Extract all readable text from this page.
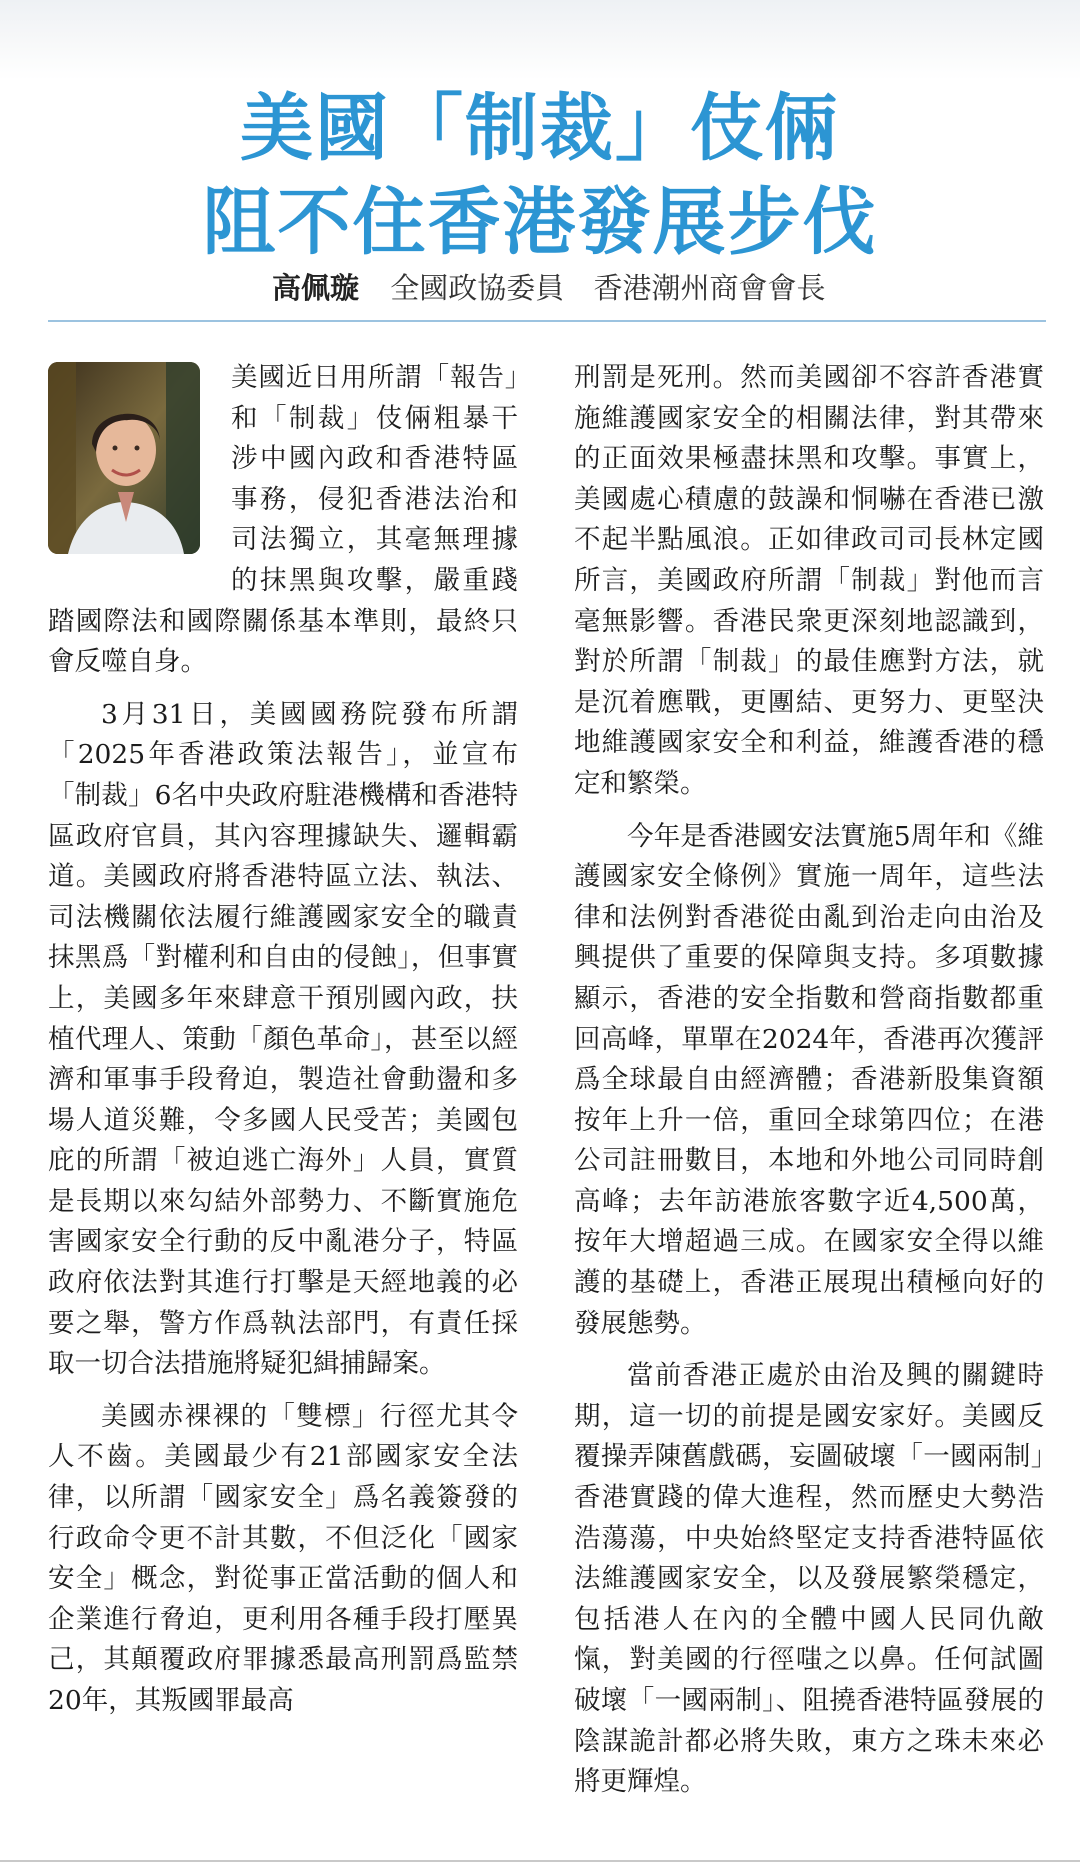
美國「制裁」伎倆
阻不住香港發展步伐
高佩璇 全國政協委員 香港潮州商會會長

美國近日用所謂「報告」和「制裁」伎倆粗暴干涉中國內政和香港特區事務，侵犯香港法治和司法獨立，其毫無理據的抹黑與攻擊，嚴重踐踏國際法和國際關係基本準則，最終只會反噬自身。

3月31日，美國國務院發布所謂「2025年香港政策法報告」，並宣布「制裁」6名中央政府駐港機構和香港特區政府官員，其內容理據缺失、邏輯霸道。美國政府將香港特區立法、執法、司法機關依法履行維護國家安全的職責抹黑爲「對權利和自由的侵蝕」，但事實上，美國多年來肆意干預別國內政，扶植代理人、策動「顏色革命」，甚至以經濟和軍事手段脅迫，製造社會動盪和多場人道災難，令多國人民受苦；美國包庇的所謂「被迫逃亡海外」人員，實質是長期以來勾結外部勢力、不斷實施危害國家安全行動的反中亂港分子，特區政府依法對其進行打擊是天經地義的必要之舉，警方作爲執法部門，有責任採取一切合法措施將疑犯緝捕歸案。

美國赤裸裸的「雙標」行徑尤其令人不齒。美國最少有21部國家安全法律，以所謂「國家安全」爲名義簽發的行政命令更不計其數，不但泛化「國家安全」概念，對從事正當活動的個人和企業進行脅迫，更利用各種手段打壓異己，其顛覆政府罪據悉最高刑罰爲監禁20年，其叛國罪最高

刑罰是死刑。然而美國卻不容許香港實施維護國家安全的相關法律，對其帶來的正面效果極盡抹黑和攻擊。事實上，美國處心積慮的鼓譟和恫嚇在香港已激不起半點風浪。正如律政司司長林定國所言，美國政府所謂「制裁」對他而言毫無影響。香港民衆更深刻地認識到，對於所謂「制裁」的最佳應對方法，就是沉着應戰，更團結、更努力、更堅決地維護國家安全和利益，維護香港的穩定和繁榮。

今年是香港國安法實施5周年和《維護國家安全條例》實施一周年，這些法律和法例對香港從由亂到治走向由治及興提供了重要的保障與支持。多項數據顯示，香港的安全指數和營商指數都重回高峰，單單在2024年，香港再次獲評爲全球最自由經濟體；香港新股集資額按年上升一倍，重回全球第四位；在港公司註冊數目，本地和外地公司同時創高峰；去年訪港旅客數字近4,500萬，按年大增超過三成。在國家安全得以維護的基礎上，香港正展現出積極向好的發展態勢。

當前香港正處於由治及興的關鍵時期，這一切的前提是國安家好。美國反覆操弄陳舊戲碼，妄圖破壞「一國兩制」香港實踐的偉大進程，然而歷史大勢浩浩蕩蕩，中央始終堅定支持香港特區依法維護國家安全，以及發展繁榮穩定，包括港人在內的全體中國人民同仇敵愾，對美國的行徑嗤之以鼻。任何試圖破壞「一國兩制」、阻撓香港特區發展的陰謀詭計都必將失敗，東方之珠未來必將更輝煌。
